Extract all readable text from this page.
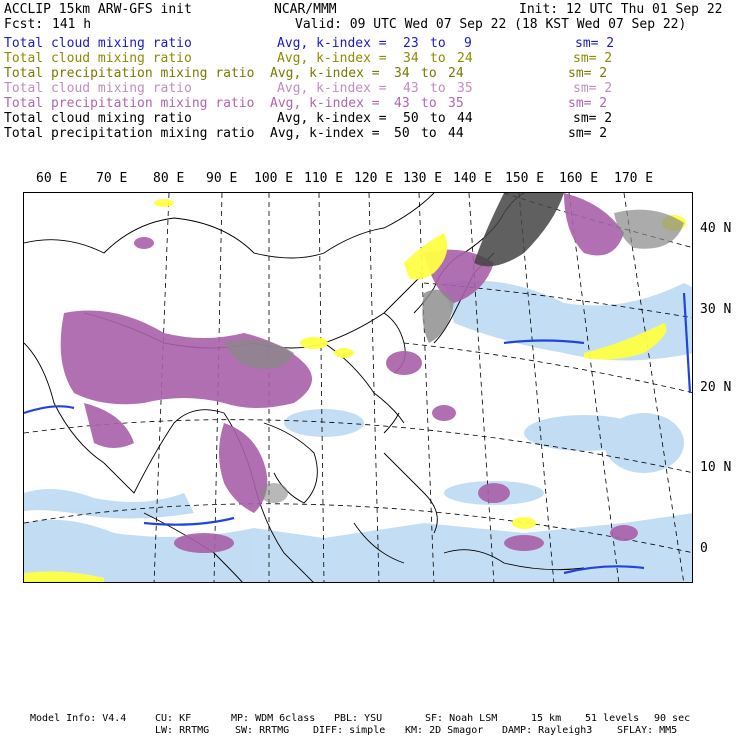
ACCLIP 15km ARW-GFS init	NCAR/MMM	Init: 12 UTC Thu 01 Sep 22
Fcst: 141 h	Valid: 09 UTC Wed 07 Sep 22 (18 KST Wed 07 Sep 22)
Total cloud mixing ratio	Avg, k-index = 23 to 9	sm= 2
Total cloud mixing ratio	Avg, k-index = 34 to 24	sm= 2
Total precipitation mixing ratio Avg, k-index = 34 to 24	sm= 2
Total cloud mixing ratio	Avg, k-index = 43 to 35	sm= 2
Total precipitation mixing ratio Avg, k-index = 43 to 35	sm= 2
Total cloud mixing ratio	Avg, k-index = 50 to 44	sm= 2
Total precipitation mixing ratio Avg, k-index = 50 to 44	sm= 2
60 E 70 E 80 E 90 E 100 E 110 E 120 E 130 E 140 E 150 E 160 E 170 E
40 N
30 N
20 N
10 N
0
Model Info: V4.4	CU: KF	MP: WDM 6class PBL: YSU	SF: Noah LSM	15 km 51 levels 90 sec
LW: RRTMG	SW: RRTMG DIFF: simple KM: 2D Smagor DAMP: Rayleigh3 SFLAY: MM5
